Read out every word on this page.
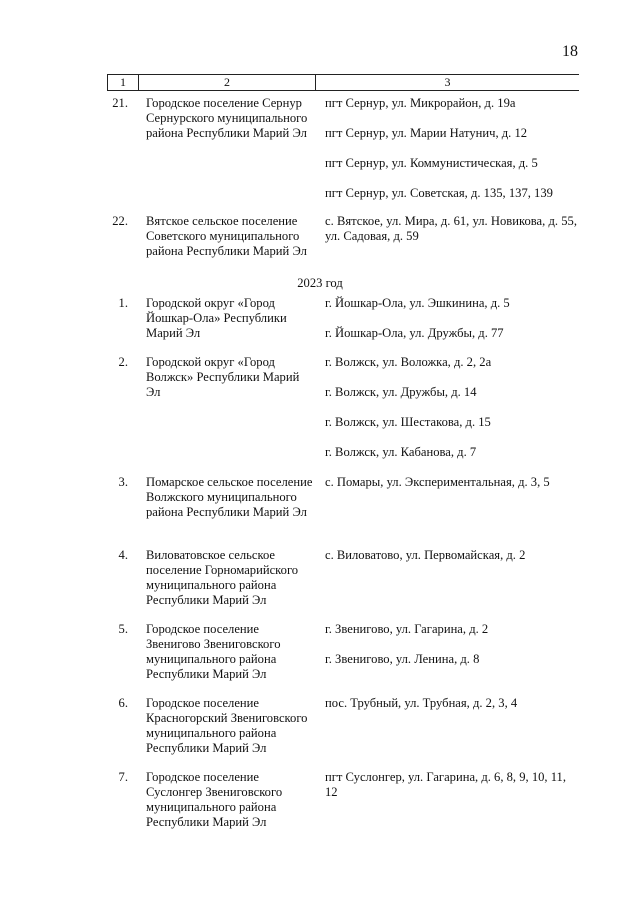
18
1	2	3
21. Городское поселение Сернур Сернурского муниципального района Республики Марий Эл
пгт Сернур, ул. Микрорайон, д. 19а
пгт Сернур, ул. Марии Натунич, д. 12
пгт Сернур, ул. Коммунистическая, д. 5
пгт Сернур, ул. Советская, д. 135, 137, 139
22. Вятское сельское поселение Советского муниципального района Республики Марий Эл
с. Вятское, ул. Мира, д. 61, ул. Новикова, д. 55, ул. Садовая, д. 59
2023 год
1. Городской округ «Город Йошкар-Ола» Республики Марий Эл
г. Йошкар-Ола, ул. Эшкинина, д. 5
г. Йошкар-Ола, ул. Дружбы, д. 77
2. Городской округ «Город Волжск» Республики Марий Эл
г. Волжск, ул. Воложка, д. 2, 2а
г. Волжск, ул. Дружбы, д. 14
г. Волжск, ул. Шестакова, д. 15
г. Волжск, ул. Кабанова, д. 7
3. Помарское сельское поселение Волжского муниципального района Республики Марий Эл
с. Помары, ул. Экспериментальная, д. 3, 5
4. Виловатовское сельское поселение Горномарийского муниципального района Республики Марий Эл
с. Виловатово, ул. Первомайская, д. 2
5. Городское поселение Звенигово Звениговского муниципального района Республики Марий Эл
г. Звенигово, ул. Гагарина, д. 2
г. Звенигово, ул. Ленина, д. 8
6. Городское поселение Красногорский Звениговского муниципального района Республики Марий Эл
пос. Трубный, ул. Трубная, д. 2, 3, 4
7. Городское поселение Суслонгер Звениговского муниципального района Республики Марий Эл
пгт Суслонгер, ул. Гагарина, д. 6, 8, 9, 10, 11, 12
